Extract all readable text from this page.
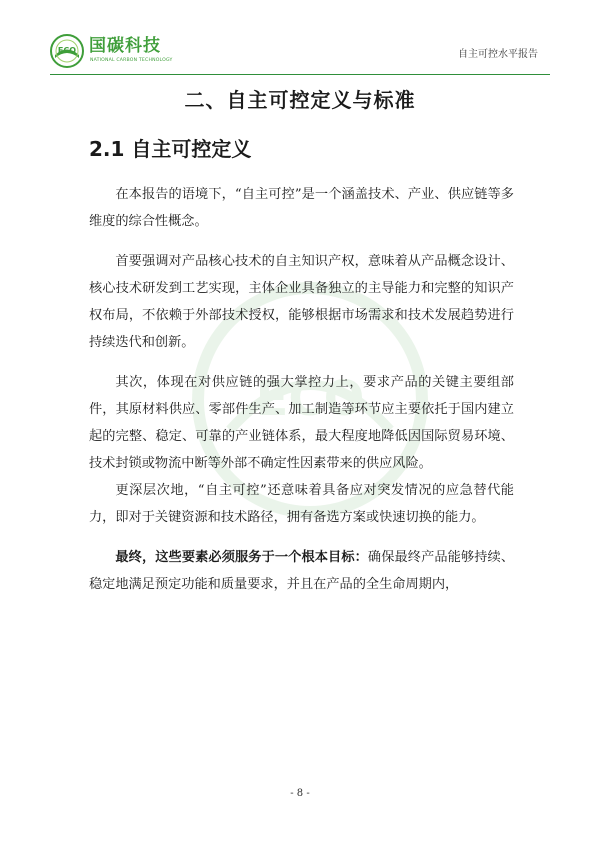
ECO
ECO 国碳科技
NATIONAL CARBON TECHNOLOGY
自主可控水平报告
二、自主可控定义与标准
2.1 自主可控定义

在本报告的语境下，“自主可控”是一个涵盖技术、产业、供应链等多维度的综合性概念。

首要强调对产品核心技术的自主知识产权，意味着从产品概念设计、核心技术研发到工艺实现，主体企业具备独立的主导能力和完整的知识产权布局，不依赖于外部技术授权，能够根据市场需求和技术发展趋势进行持续迭代和创新。

其次，体现在对供应链的强大掌控力上，要求产品的关键主要组部件，其原材料供应、零部件生产、加工制造等环节应主要依托于国内建立起的完整、稳定、可靠的产业链体系，最大程度地降低因国际贸易环境、技术封锁或物流中断等外部不确定性因素带来的供应风险。

更深层次地，“自主可控”还意味着具备应对突发情况的应急替代能力，即对于关键资源和技术路径，拥有备选方案或快速切换的能力。

最终，这些要素必须服务于一个根本目标：确保最终产品能够持续、稳定地满足预定功能和质量要求，并且在产品的全生命周期内，

- 8 -
